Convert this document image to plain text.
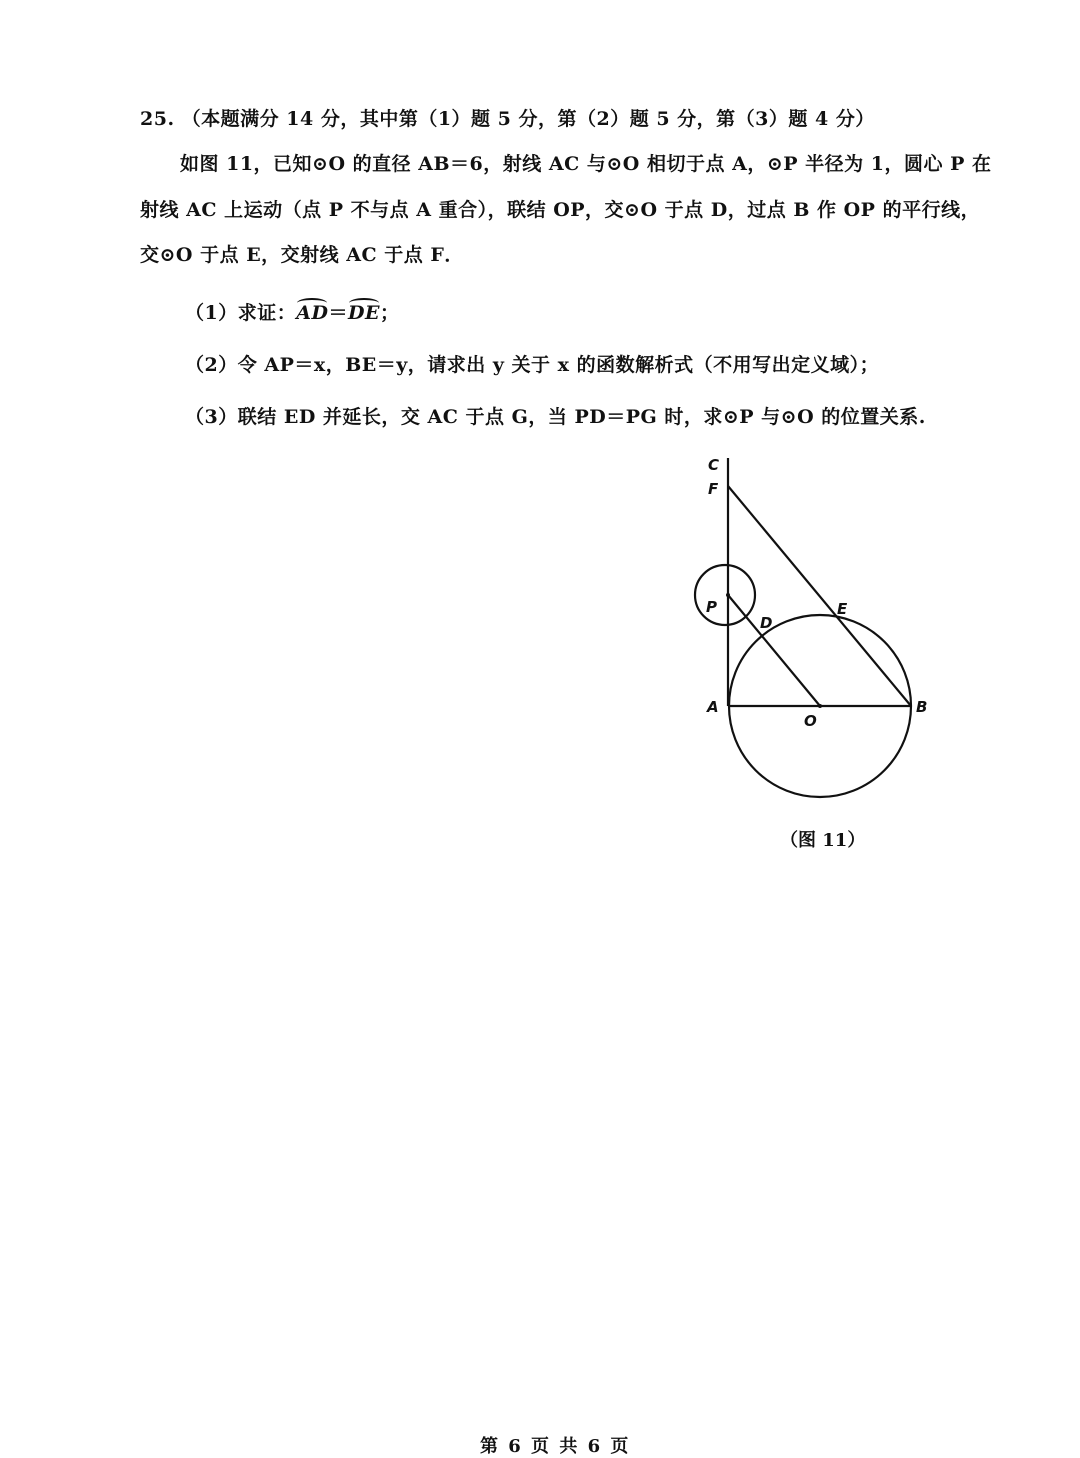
25. （本题满分 14 分，其中第（1）题 5 分，第（2）题 5 分，第（3）题 4 分）
如图 11，已知⊙O 的直径 AB＝6，射线 AC 与⊙O 相切于点 A，⊙P 半径为 1，圆心 P 在
射线 AC 上运动（点 P 不与点 A 重合），联结 OP，交⊙O 于点 D，过点 B 作 OP 的平行线，
交⊙O 于点 E，交射线 AC 于点 F．
（1）求证：AD＝DE；
（2）令 AP＝x，BE＝y，请求出 y 关于 x 的函数解析式（不用写出定义域）；
（3）联结 ED 并延长，交 AC 于点 G，当 PD＝PG 时，求⊙P 与⊙O 的位置关系.
C
F
P
D
E
A
O
B
（图 11）
第 6 页 共 6 页
